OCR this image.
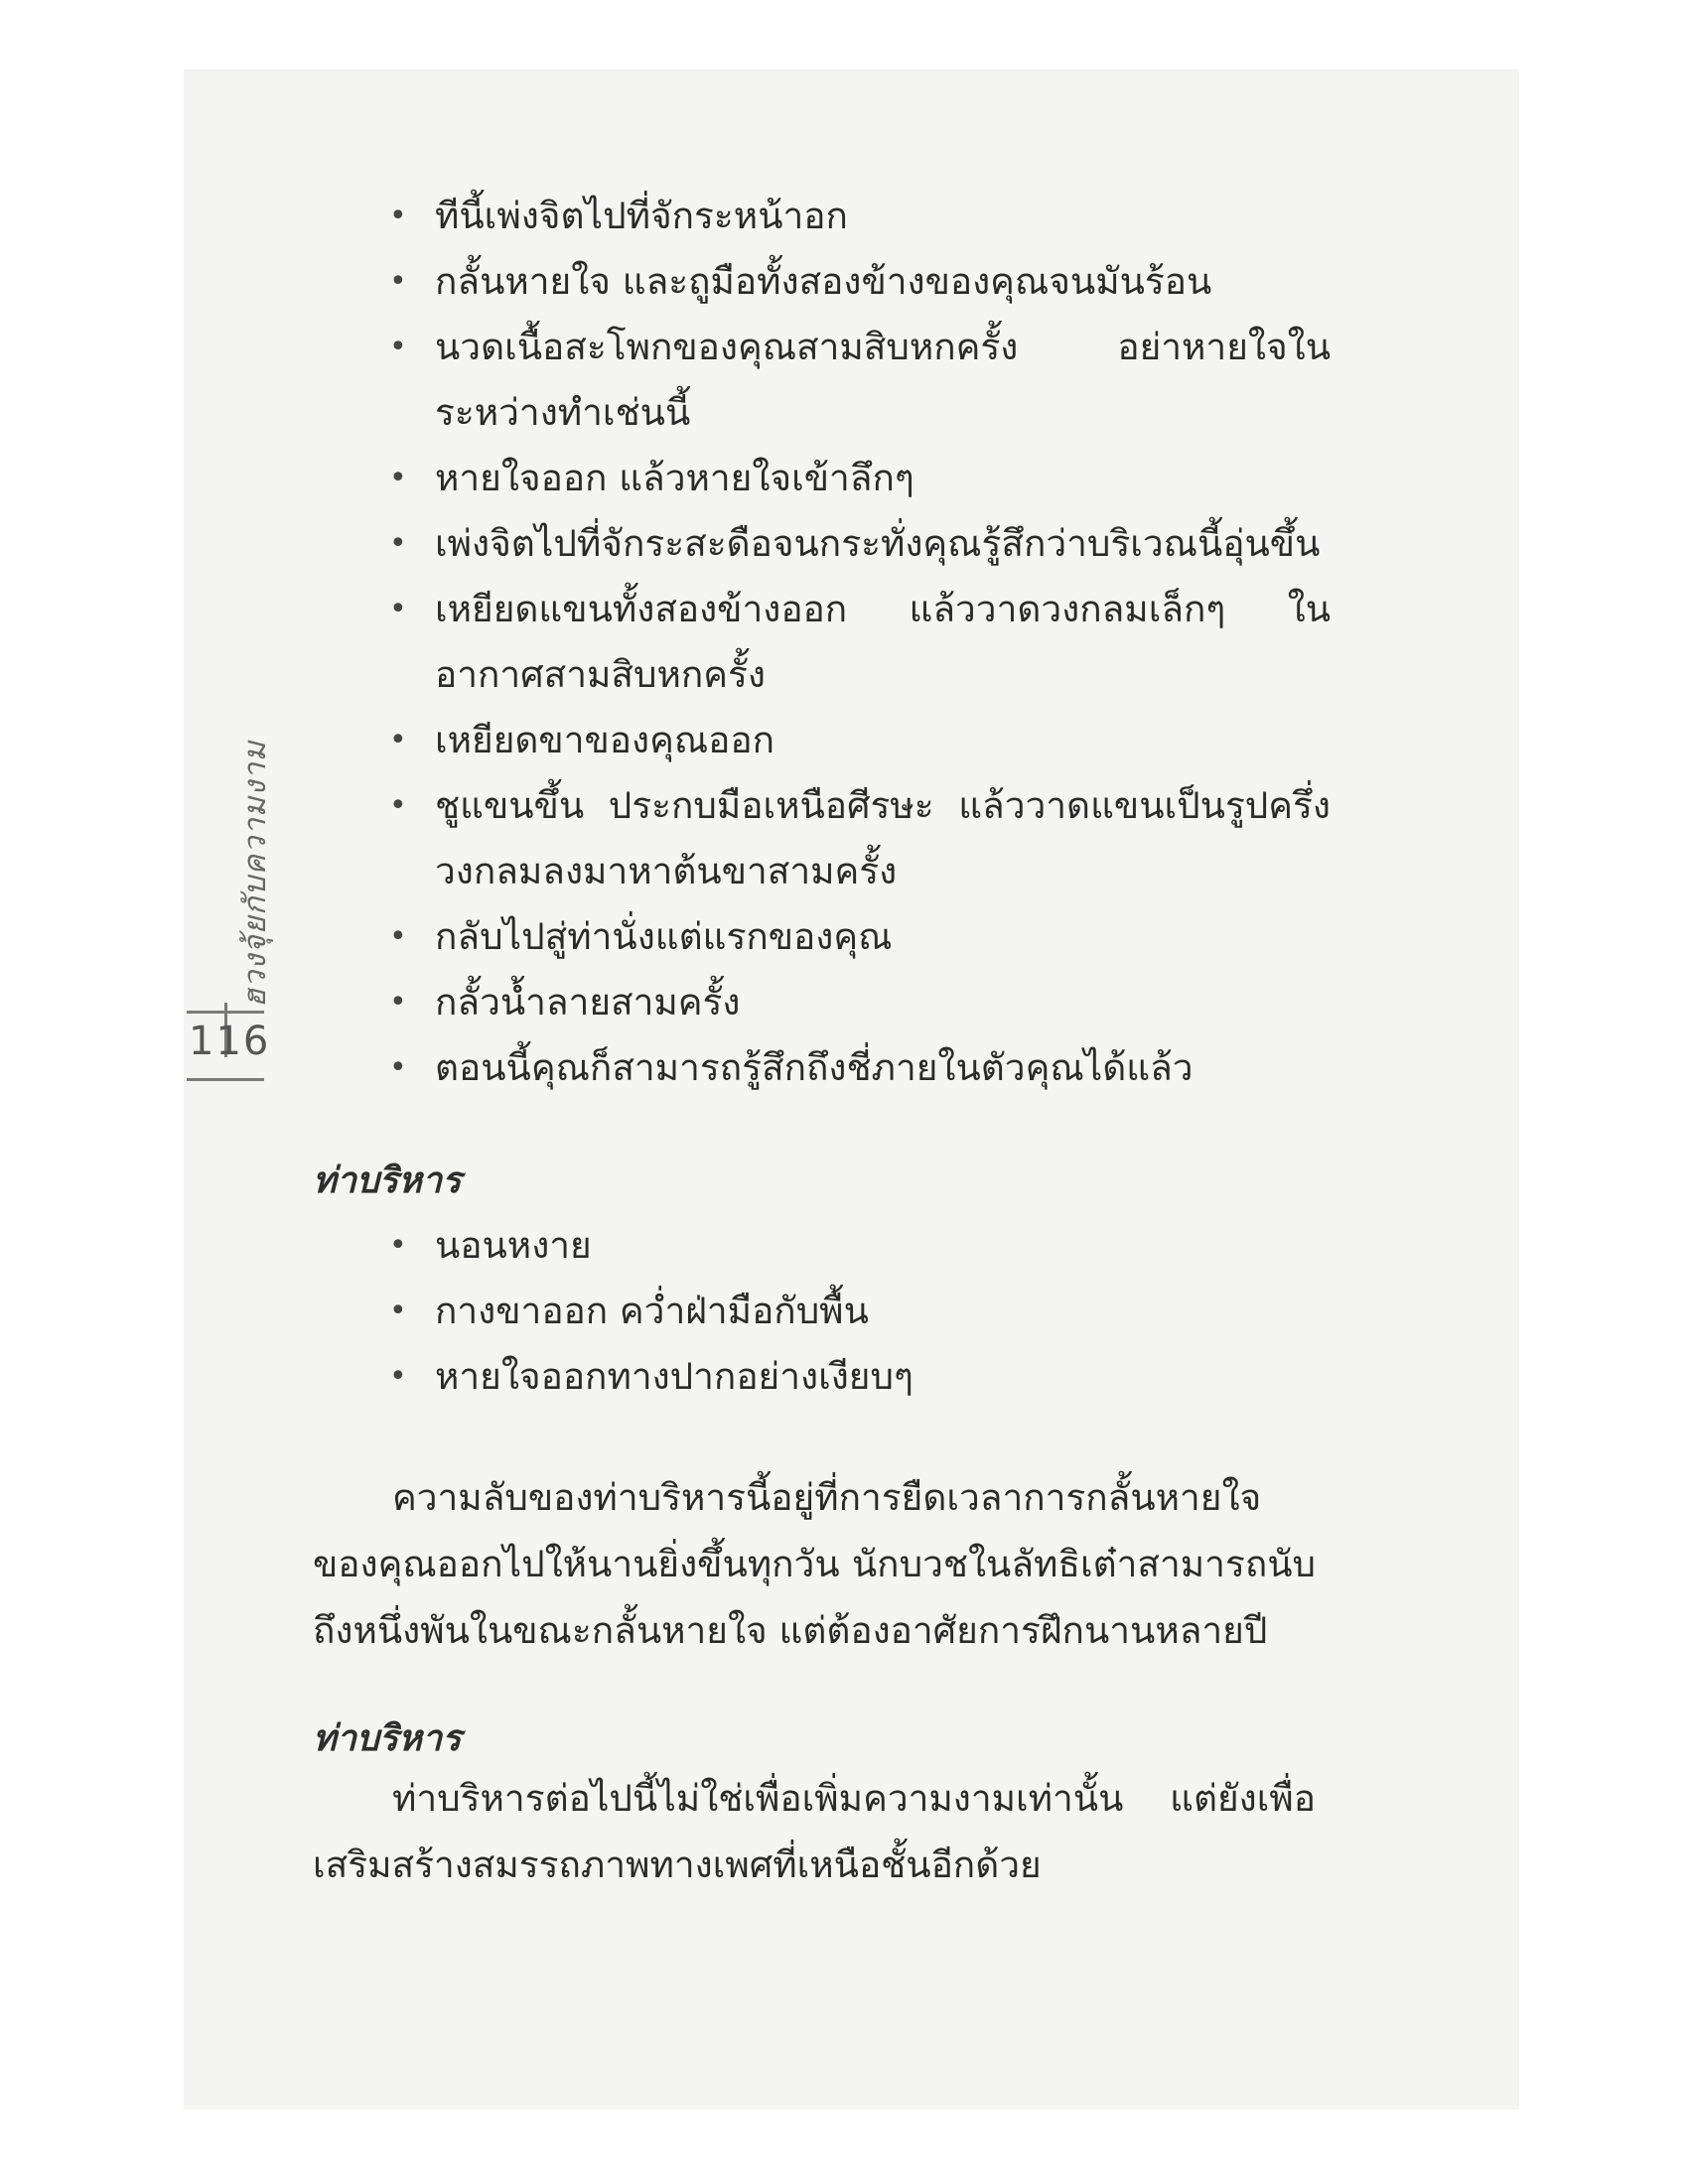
ฮวงจุ้ยกับความงาม
116
• ทีนี้เพ่งจิตไปที่จักระหน้าอก
• กลั้นหายใจ และถูมือทั้งสองข้างของคุณจนมันร้อน
• นวดเนื้อสะโพกของคุณสามสิบหกครั้ง อย่าหายใจในระหว่างทำเช่นนี้
• หายใจออก แล้วหายใจเข้าลึกๆ
• เพ่งจิตไปที่จักระสะดือจนกระทั่งคุณรู้สึกว่าบริเวณนี้อุ่นขึ้น
• เหยียดแขนทั้งสองข้างออก แล้ววาดวงกลมเล็กๆ ในอากาศสามสิบหกครั้ง
• เหยียดขาของคุณออก
• ชูแขนขึ้น ประกบมือเหนือศีรษะ แล้ววาดแขนเป็นรูปครึ่งวงกลมลงมาหาต้นขาสามครั้ง
• กลับไปสู่ท่านั่งแต่แรกของคุณ
• กลั้วน้ำลายสามครั้ง
• ตอนนี้คุณก็สามารถรู้สึกถึงชี่ภายในตัวคุณได้แล้ว
ท่าบริหาร
• นอนหงาย
• กางขาออก คว่ำฝ่ามือกับพื้น
• หายใจออกทางปากอย่างเงียบๆ

ความลับของท่าบริหารนี้อยู่ที่การยืดเวลาการกลั้นหายใจของคุณออกไปให้นานยิ่งขึ้นทุกวัน นักบวชในลัทธิเต๋าสามารถนับถึงหนึ่งพันในขณะกลั้นหายใจ แต่ต้องอาศัยการฝึกนานหลายปี

ท่าบริหาร

ท่าบริหารต่อไปนี้ไม่ใช่เพื่อเพิ่มความงามเท่านั้น แต่ยังเพื่อเสริมสร้างสมรรถภาพทางเพศที่เหนือชั้นอีกด้วย
